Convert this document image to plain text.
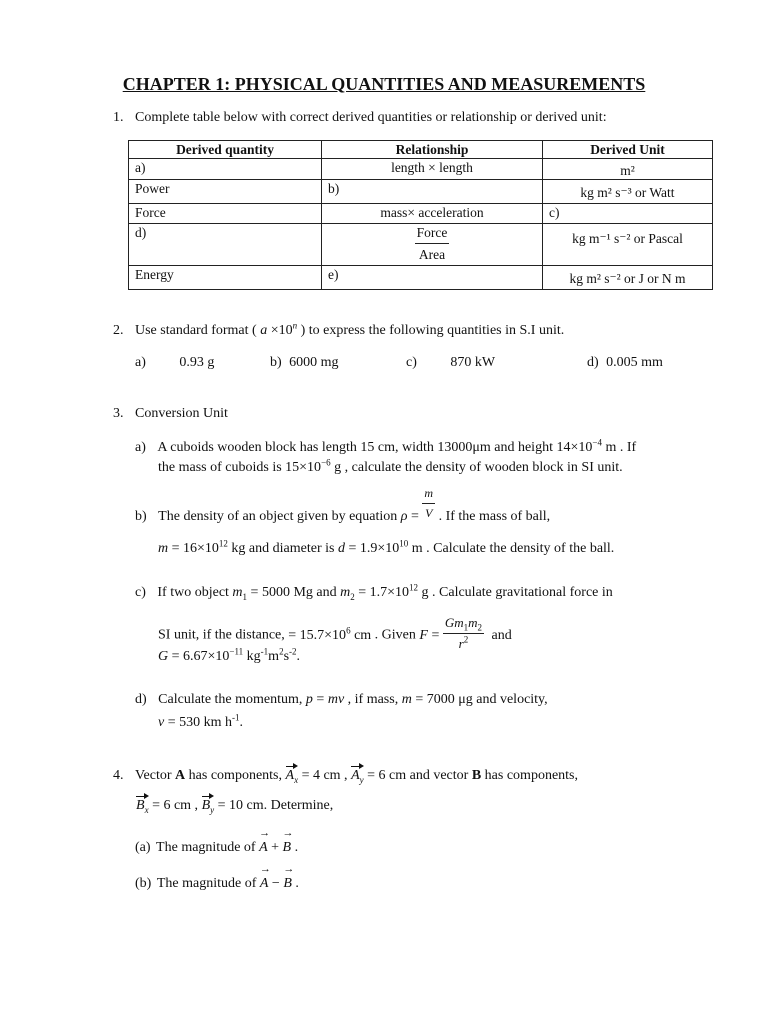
CHAPTER 1: PHYSICAL QUANTITIES AND MEASUREMENTS
1. Complete table below with correct derived quantities or relationship or derived unit:
Derived quantity	Relationship	Derived Unit
a)	length × length	m²
Power	b)	kg m² s⁻³ or Watt
Force	mass× acceleration	c)
d)	$\frac{\text{Force}}{\text{Area}}$	kg m⁻¹ s⁻² or Pascal
Energy	e)	kg m² s⁻² or J or N m
2. Use standard format ( $a \times 10^n$ ) to express the following quantities in S.I unit.
a) 0.93 g	b) 6000 mg	c) 870 kW	d) 0.005 mm
3. Conversion Unit
a) A cuboids wooden block has length 15 cm, width 13000μm and height $14\times 10^{-4}$ m . If
the mass of cuboids is $15\times 10^{-6}$ g , calculate the density of wooden block in SI unit.
b) The density of an object given by equation $\rho = \frac{m}{V}$ . If the mass of ball,
$m = 16\times 10^{12}$ kg and diameter is $d = 1.9\times 10^{10}$ m . Calculate the density of the ball.
c) If two object $m_1 = 5000$ Mg and $m_2 = 1.7\times 10^{12}$ g . Calculate gravitational force in
SI unit, if the distance, = $15.7\times 10^6$ cm . Given $F = \frac{Gm_1m_2}{r^2}$ and
$G = 6.67\times 10^{-11}$ $kg^{-1}m^2s^{-2}$.
d) Calculate the momentum, p = mv , if mass, m = 7000 μg and velocity,
v = 530 km $h^{-1}$.
4. Vector A has components, $A_x = 4$ cm , $A_y = 6$ cm and vector B has components,
$B_x = 6$ cm , $B_y = 10$ cm. Determine,
(a) The magnitude of → A + → B .
(b) The magnitude of → A − → B .
